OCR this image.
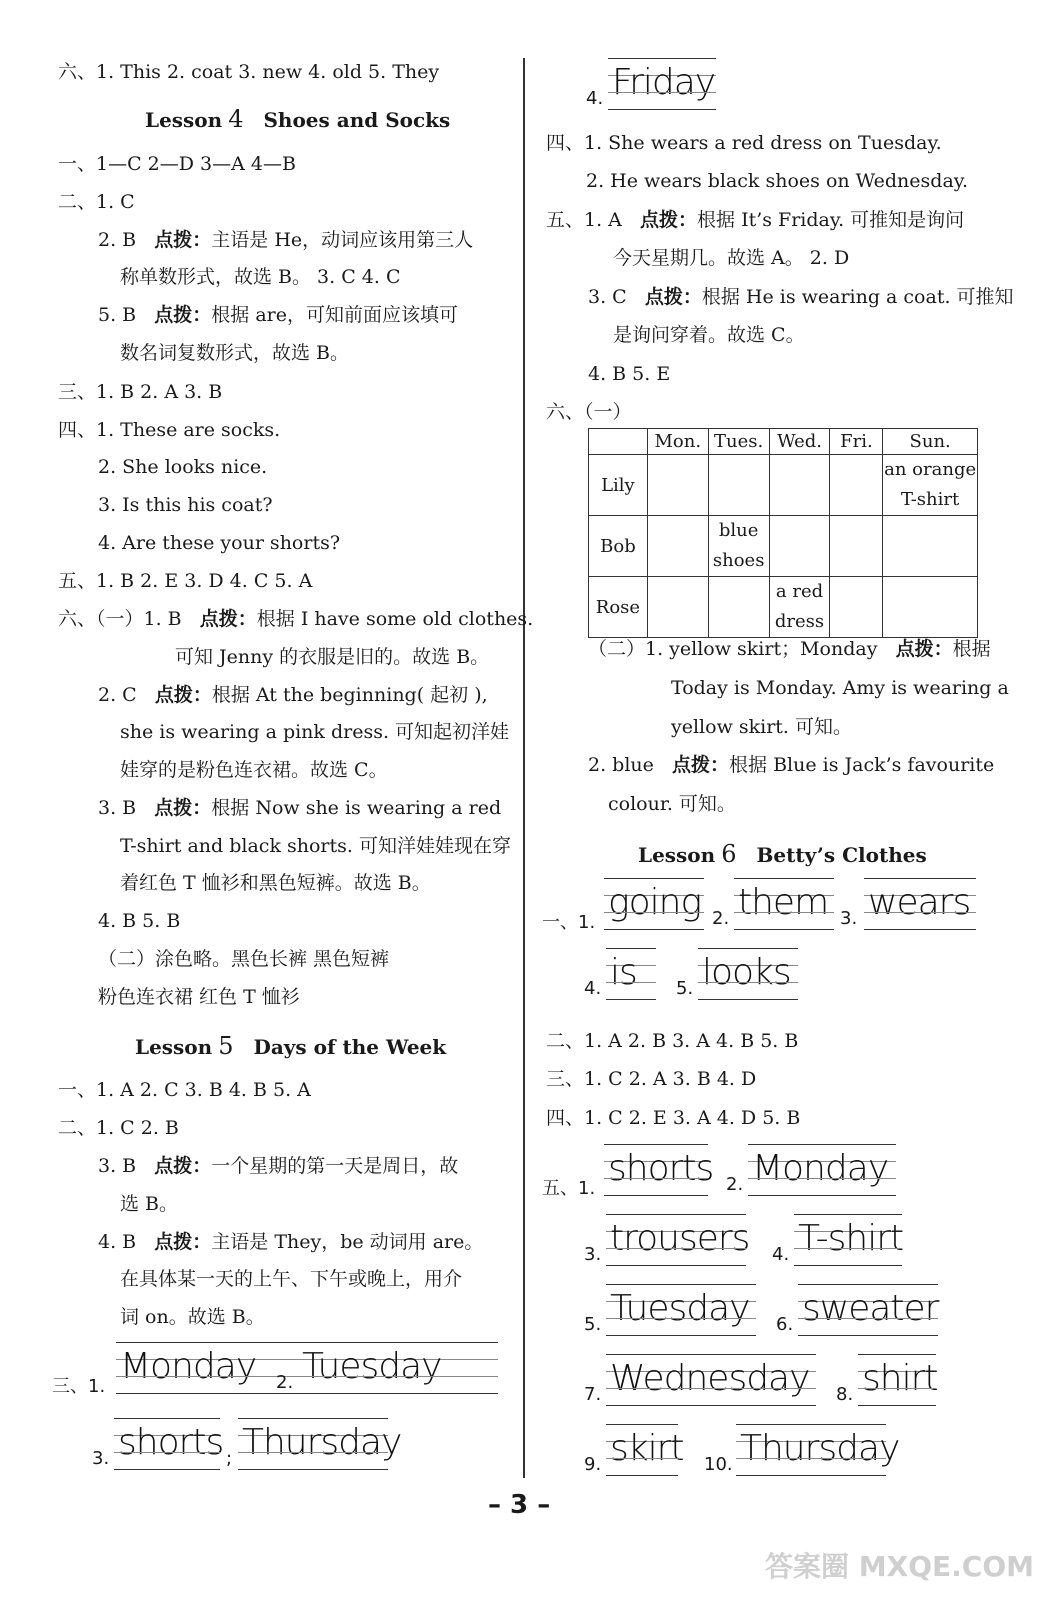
六、1. This 2. coat 3. new 4. old 5. They
Lesson 4 Shoes and Socks
一、1—C 2—D 3—A 4—B
二、1. C
2. B 点拨：主语是 He，动词应该用第三人
称单数形式，故选 B。 3. C 4. C
5. B 点拨：根据 are，可知前面应该填可
数名词复数形式，故选 B。
三、1. B 2. A 3. B
四、1. These are socks.
2. She looks nice.
3. Is this his coat?
4. Are these your shorts?
五、1. B 2. E 3. D 4. C 5. A
六、（一）1. B 点拨：根据 I have some old clothes.
可知 Jenny 的衣服是旧的。故选 B。
2. C 点拨：根据 At the beginning( 起初 ),
she is wearing a pink dress. 可知起初洋娃
娃穿的是粉色连衣裙。故选 C。
3. B 点拨：根据 Now she is wearing a red
T-shirt and black shorts. 可知洋娃娃现在穿
着红色 T 恤衫和黑色短裤。故选 B。
4. B 5. B
（二）涂色略。黑色长裤 黑色短裤
粉色连衣裙 红色 T 恤衫
Lesson 5 Days of the Week
一、1. A 2. C 3. B 4. B 5. A
二、1. C 2. B
3. B 点拨：一个星期的第一天是周日，故
选 B。
4. B 点拨：主语是 They，be 动词用 are。
在具体某一天的上午、下午或晚上，用介
词 on。故选 B。
三、1. Monday 2. Tuesday
3. shorts ; Thursday
4. Friday
四、1. She wears a red dress on Tuesday.
2. He wears black shoes on Wednesday.
五、1. A 点拨：根据 It’s Friday. 可推知是询问
今天星期几。故选 A。 2. D
3. C 点拨：根据 He is wearing a coat. 可推知
是询问穿着。故选 C。
4. B 5. E
六、（一）
	Mon.	Tues.	Wed.	Fri.	Sun.
Lily					an orange T-shirt
Bob		blue shoes			
Rose			a red dress		
（二）1. yellow skirt；Monday 点拨：根据
Today is Monday. Amy is wearing a
yellow skirt. 可知。
2. blue 点拨：根据 Blue is Jack’s favourite
colour. 可知。
Lesson 6 Betty’s Clothes
一、1. going 2. them 3. wears
4. is 5. looks
二、1. A 2. B 3. A 4. B 5. B
三、1. C 2. A 3. B 4. D
四、1. C 2. E 3. A 4. D 5. B
五、1. shorts 2. Monday
3. trousers 4. T-shirt
5. Tuesday 6. sweater
7. Wednesday 8. shirt
9. skirt 10. Thursday
– 3 –
答案圈 MXQE.COM
